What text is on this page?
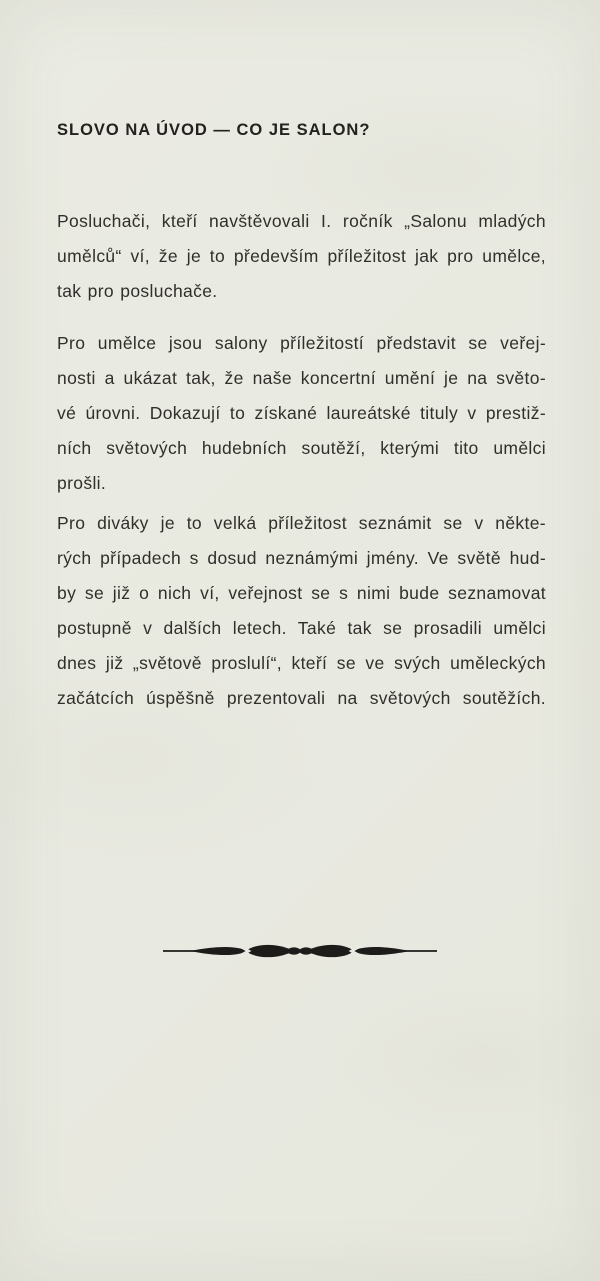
SLOVO NA ÚVOD — CO JE SALON?
Posluchači, kteří navštěvovali I. ročník „Salonu mladých
umělců“ ví, že je to především příležitost jak pro umělce,
tak pro posluchače.
Pro umělce jsou salony příležitostí představit se veřej-
nosti a ukázat tak, že naše koncertní umění je na světo-
vé úrovni. Dokazují to získané laureátské tituly v prestiž-
ních světových hudebních soutěží, kterými tito umělci
prošli.
Pro diváky je to velká příležitost seznámit se v někte-
rých případech s dosud neznámými jmény. Ve světě hud-
by se již o nich ví, veřejnost se s nimi bude seznamovat
postupně v dalších letech. Také tak se prosadili umělci
dnes již „světově proslulí“, kteří se ve svých uměleckých
začátcích úspěšně prezentovali na světových soutěžích.
